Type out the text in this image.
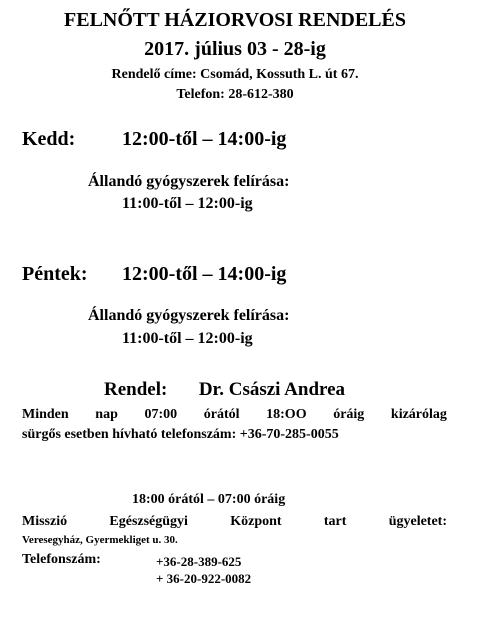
FELNŐTT HÁZIORVOSI RENDELÉS
2017. július 03 - 28-ig
Rendelő címe: Csomád, Kossuth L. út 67.
Telefon: 28-612-380
Kedd: 12:00-től – 14:00-ig
Állandó gyógyszerek felírása:
11:00-től – 12:00-ig
Péntek: 12:00-től – 14:00-ig
Állandó gyógyszerek felírása:
11:00-től – 12:00-ig
Rendel: Dr. Császi Andrea
Minden nap 07:00 órától 18:OO óráig kizárólag
sürgős esetben hívható telefonszám: +36-70-285-0055
18:00 órától – 07:00 óráig
Misszió	Egészségügyi	Központ	tart	ügyeletet:
Veresegyház, Gyermekliget u. 30.
Telefonszám:	+36-28-389-625
+ 36-20-922-0082
